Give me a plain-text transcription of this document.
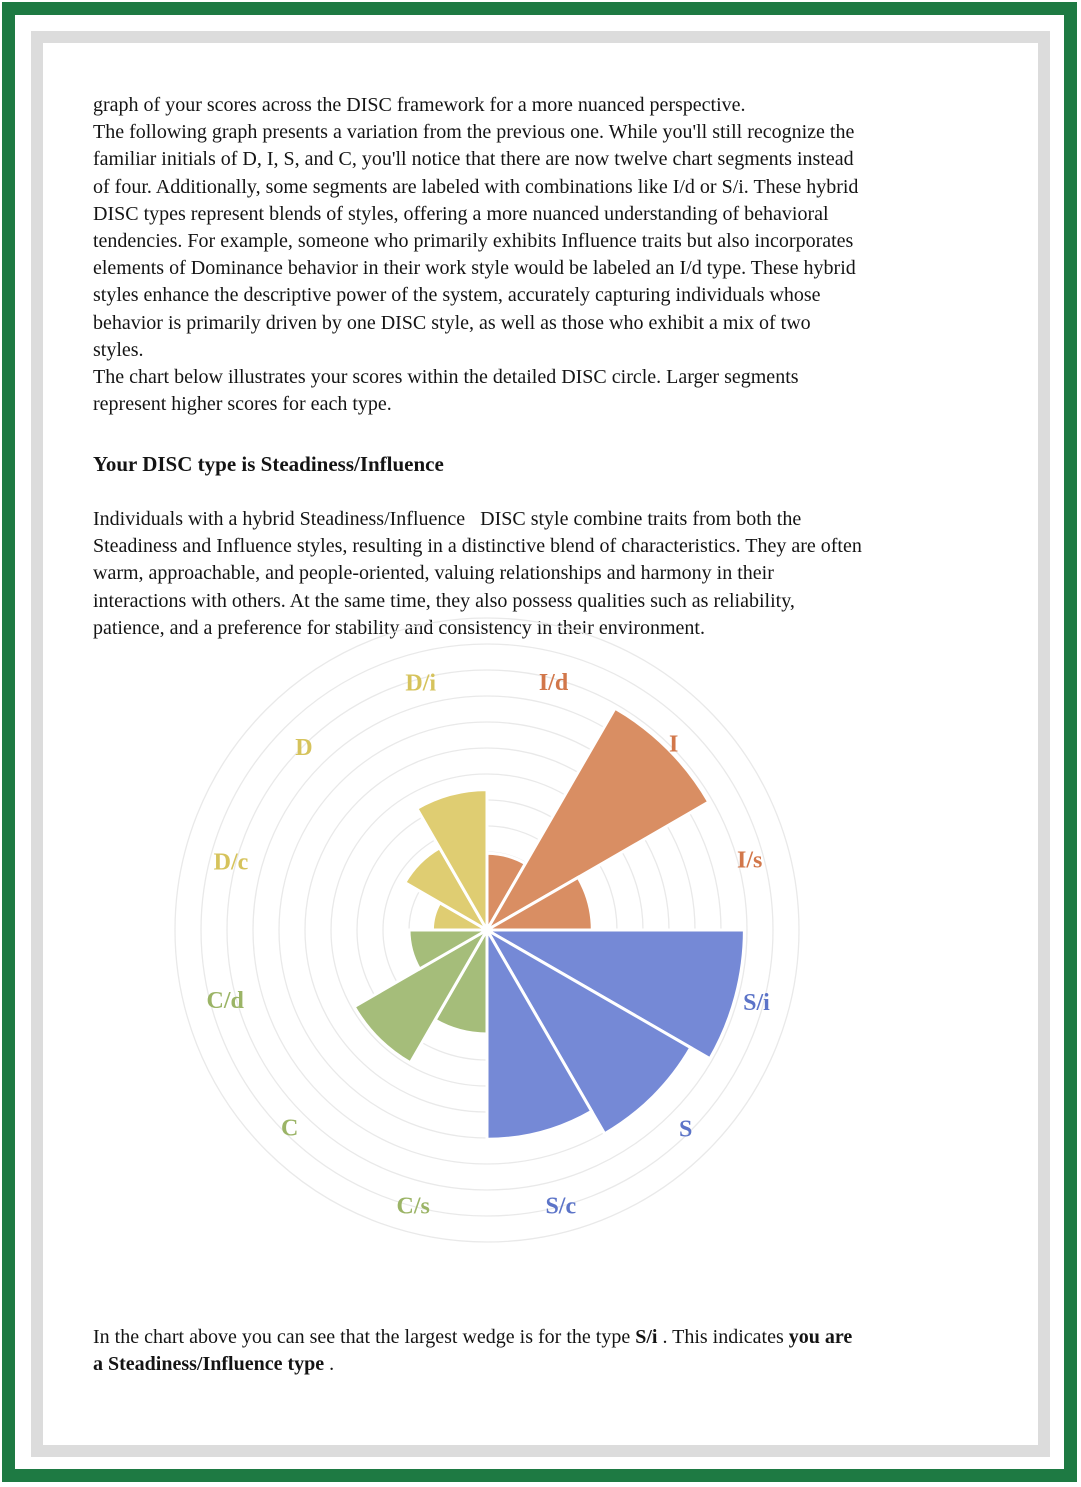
graph of your scores across the DISC framework for a more nuanced perspective.
The following graph presents a variation from the previous one. While you'll still recognize the
familiar initials of D, I, S, and C, you'll notice that there are now twelve chart segments instead
of four. Additionally, some segments are labeled with combinations like I/d or S/i. These hybrid
DISC types represent blends of styles, offering a more nuanced understanding of behavioral
tendencies. For example, someone who primarily exhibits Influence traits but also incorporates
elements of Dominance behavior in their work style would be labeled an I/d type. These hybrid
styles enhance the descriptive power of the system, accurately capturing individuals whose
behavior is primarily driven by one DISC style, as well as those who exhibit a mix of two
styles.
The chart below illustrates your scores within the detailed DISC circle. Larger segments
represent higher scores for each type.
Your DISC type is Steadiness/Influence
Individuals with a hybrid Steadiness/Influence   DISC style combine traits from both the
Steadiness and Influence styles, resulting in a distinctive blend of characteristics. They are often
warm, approachable, and people-oriented, valuing relationships and harmony in their
interactions with others. At the same time, they also possess qualities such as reliability,
patience, and a preference for stability and consistency in their environment.
I/d
I
I/s
S/i
S
S/c
C/s
C
C/d
D/c
D
D/i
In the chart above you can see that the largest wedge is for the type S/i . This indicates you are
a Steadiness/Influence type .
